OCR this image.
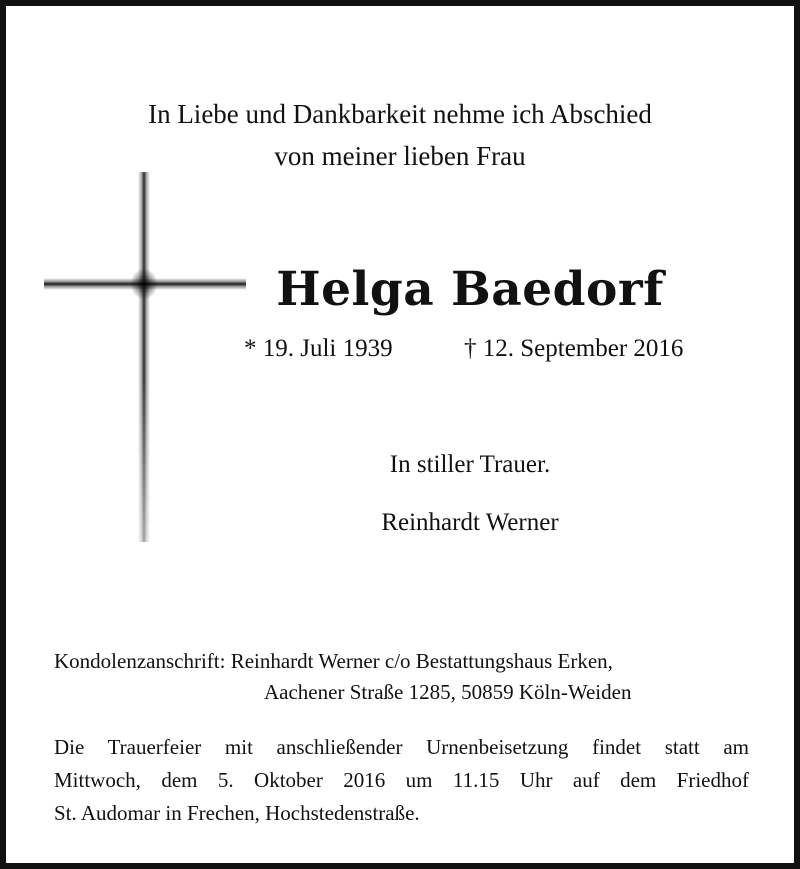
In Liebe und Dankbarkeit nehme ich Abschied
von meiner lieben Frau
Helga Baedorf
* 19. Juli 1939	† 12. September 2016
In stiller Trauer.
Reinhardt Werner
Kondolenzanschrift: Reinhardt Werner c/o Bestattungshaus Erken,
Aachener Straße 1285, 50859 Köln-Weiden
Die Trauerfeier mit anschließender Urnenbeisetzung findet statt am
Mittwoch, dem 5. Oktober 2016 um 11.15 Uhr auf dem Friedhof
St. Audomar in Frechen, Hochstedenstraße.
